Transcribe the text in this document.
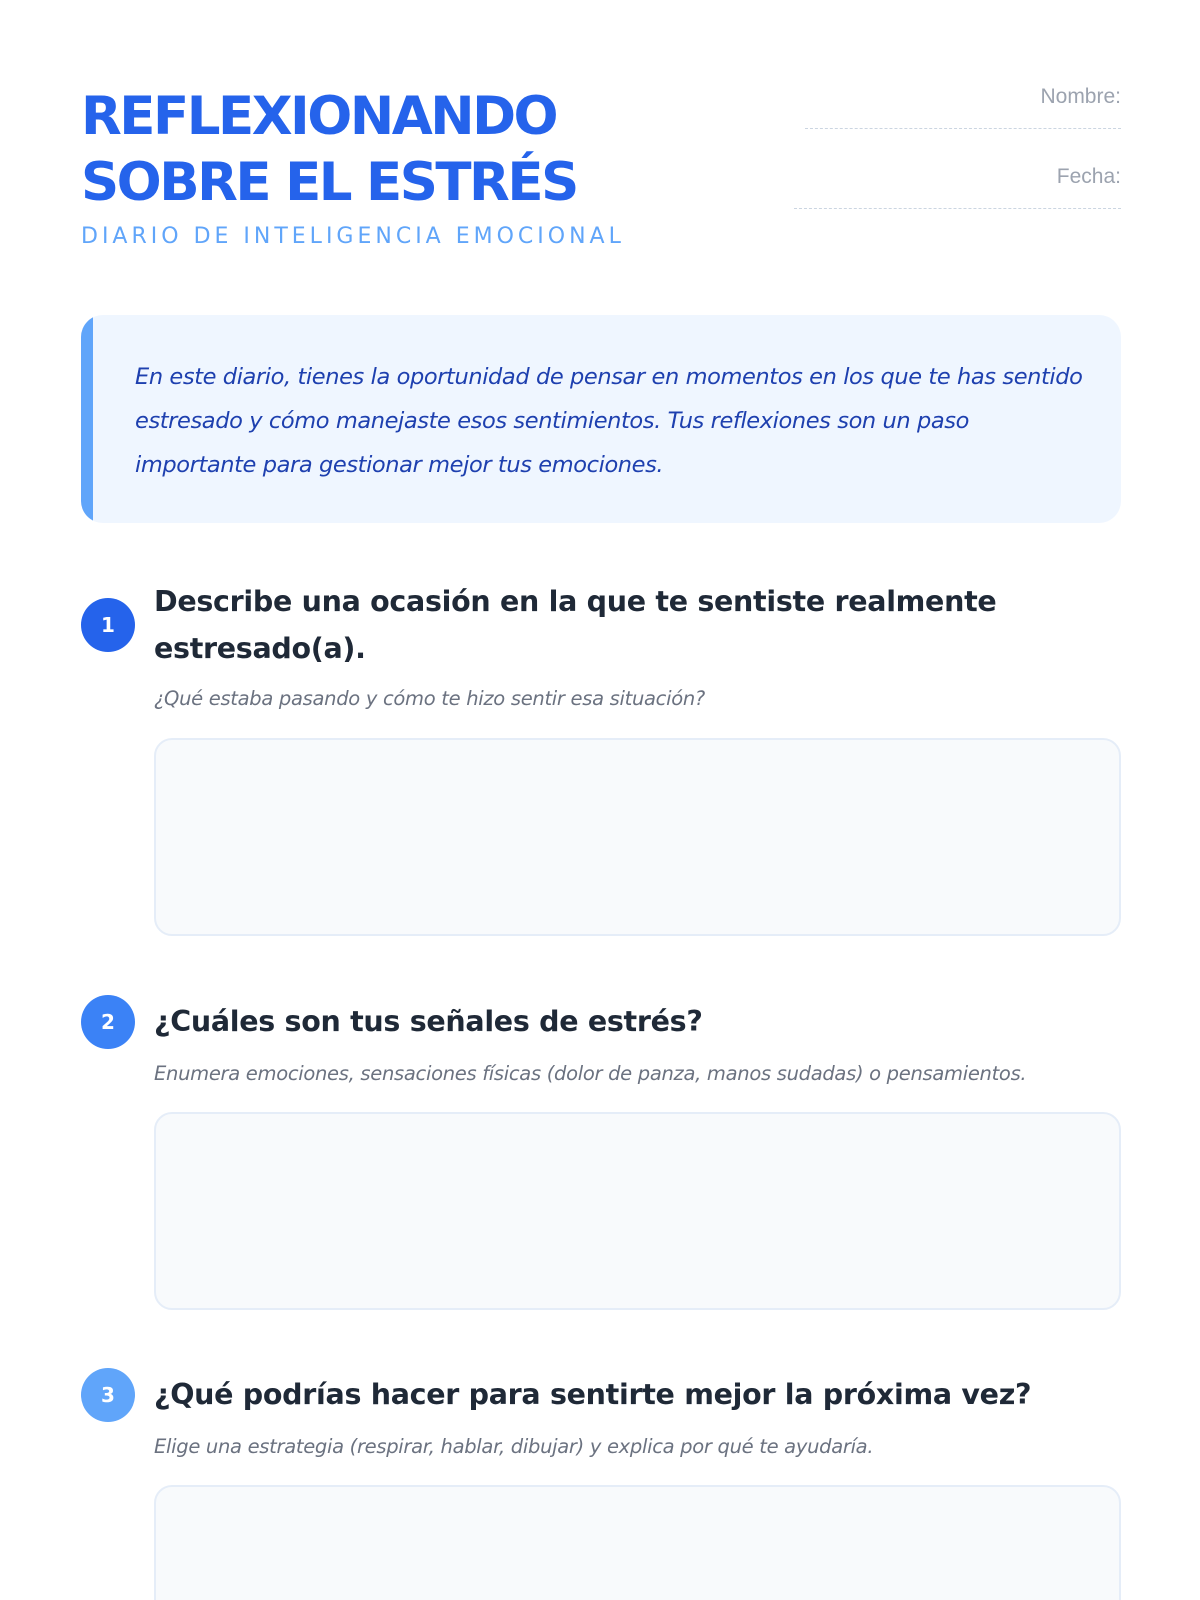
REFLEXIONANDO
SOBRE EL ESTRÉS
DIARIO DE INTELIGENCIA EMOCIONAL
Nombre:
Fecha:
En este diario, tienes la oportunidad de pensar en momentos en los que te has sentido estresado y cómo manejaste esos sentimientos. Tus reflexiones son un paso importante para gestionar mejor tus emociones.
1
Describe una ocasión en la que te sentiste realmente estresado(a).
¿Qué estaba pasando y cómo te hizo sentir esa situación?
2	¿Cuáles son tus señales de estrés?
Enumera emociones, sensaciones físicas (dolor de panza, manos sudadas) o pensamientos.
3	¿Qué podrías hacer para sentirte mejor la próxima vez?
Elige una estrategia (respirar, hablar, dibujar) y explica por qué te ayudaría.
